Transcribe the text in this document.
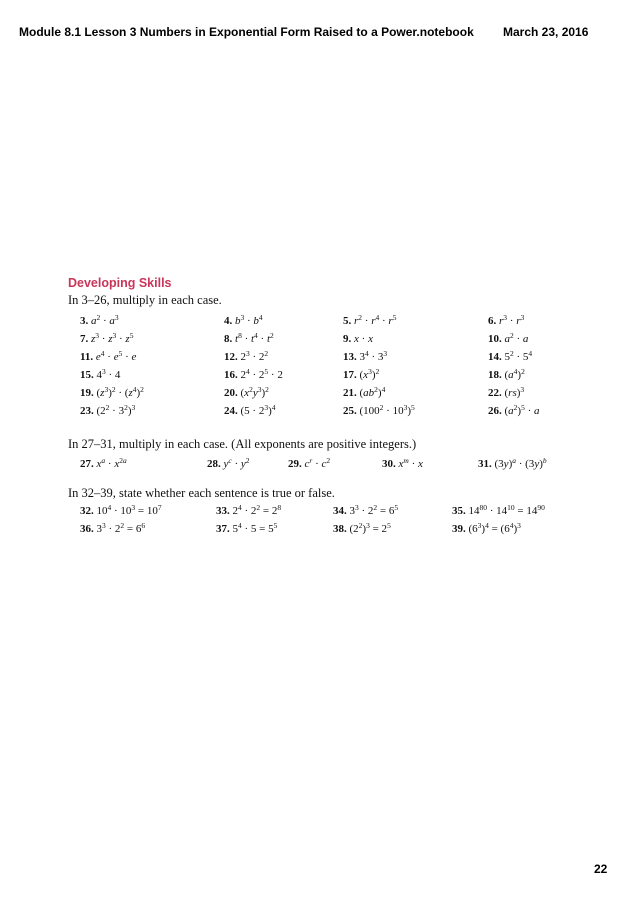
Module 8.1 Lesson 3 Numbers in Exponential Form Raised to a Power.notebook March 23, 2016
Developing Skills
In 3–26, multiply in each case.
3. $a^2 \cdot a^3$	4. $b^3 \cdot b^4$	5. $r^2 \cdot r^4 \cdot r^5$	6. $r^3 \cdot r^3$
7. $z^3 \cdot z^3 \cdot z^5$	8. $t^8 \cdot t^4 \cdot t^2$	9. x · x	10. $a^2 \cdot a$
11. $e^4 \cdot e^5 \cdot e$	12. $2^3 \cdot 2^2$	13. $3^4 \cdot 3^3$	14. $5^2 \cdot 5^4$
15. $4^3 \cdot 4$	16. $2^4 \cdot 2^5 \cdot 2$	17. $(x^3)^2$	18. $(a^4)^2$
19. $(z^3)^2 \cdot (z^4)^2$	20. $(x^2y^3)^2$	21. $(ab^2)^4$	22. (rs)$^3$
23. $(2^2 \cdot 3^2)^3$	24. $(5 \cdot 2^3)^4$	25. $(100^2 \cdot 10^3)^5$	26. $(a^2)^5 \cdot a$
In 27–31, multiply in each case. (All exponents are positive integers.)
27. $x^a \cdot x^{2a}$	28. $y^c \cdot y^2$	29. $c^r \cdot c^2$	30. $x^m \cdot x$	31. $(3y)^a \cdot (3y)^b$
In 32–39, state whether each sentence is true or false.
32. $10^4 \cdot 10^3 = 10^7$	33. $2^4 \cdot 2^2 = 2^8$	34. $3^3 \cdot 2^2 = 6^5$	35. $14^{80} \cdot 14^{10} = 14^{90}$
36. $3^3 \cdot 2^2 = 6^6$	37. $5^4 \cdot 5 = 5^5$	38. $(2^2)^3 = 2^5$	39. $(6^3)^4 = (6^4)^3$
22
